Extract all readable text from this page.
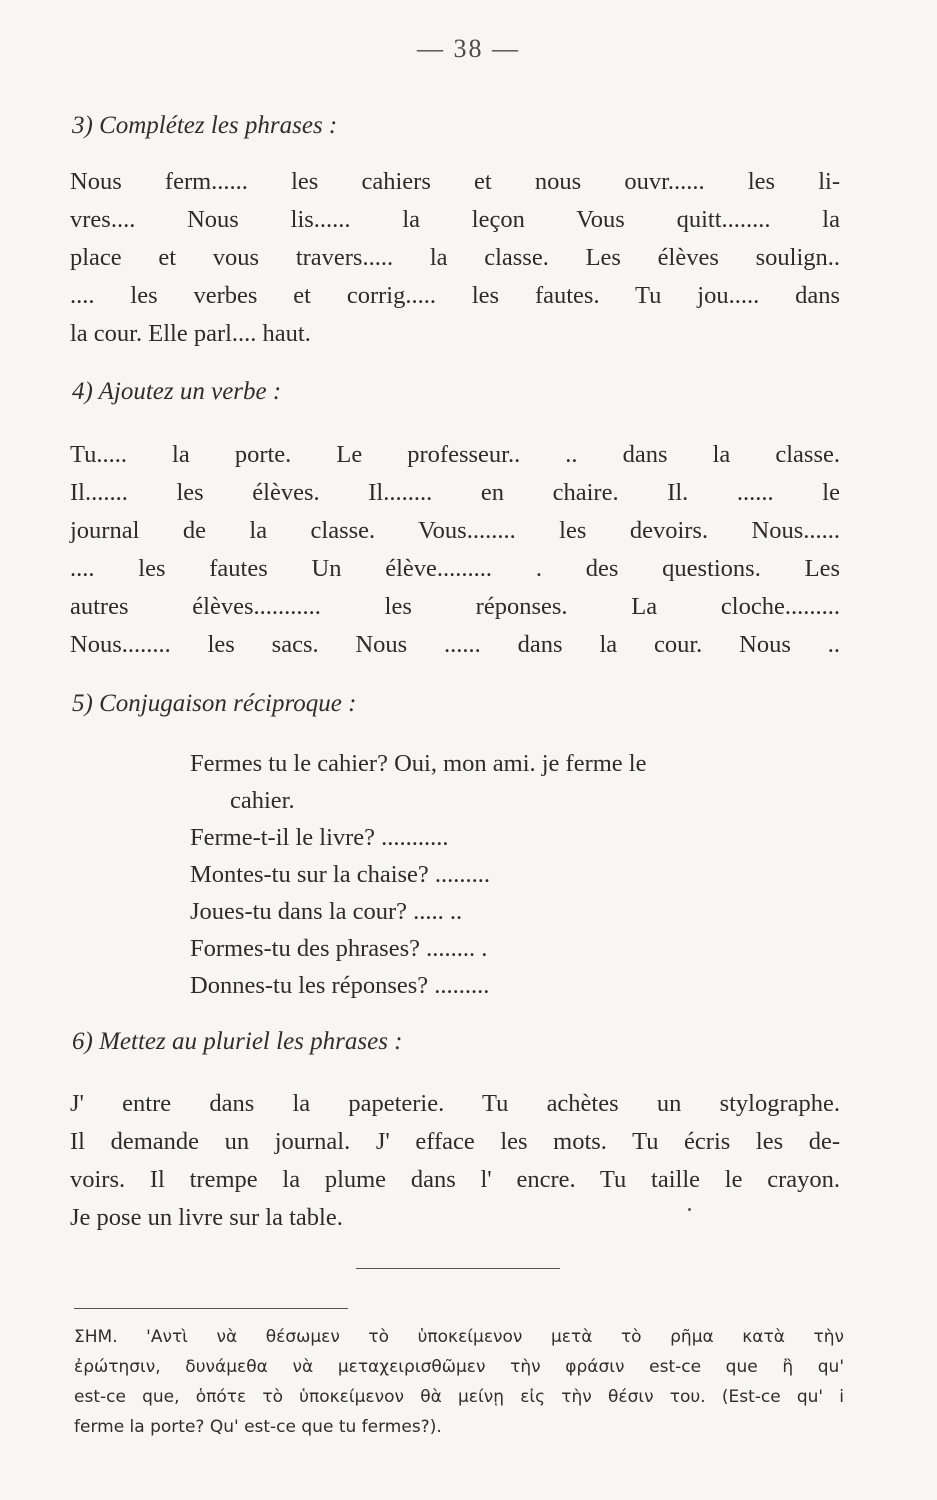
— 38 —
3) Complétez les phrases :
Nous ferm...... les cahiers et nous ouvr...... les li-
vres.... Nous lis...... la leçon Vous quitt........ la
place et vous travers..... la classe. Les élèves soulign..
.... les verbes et corrig..... les fautes. Tu jou..... dans
la cour. Elle parl.... haut.
4) Ajoutez un verbe :
Tu..... la porte. Le professeur.. .. dans la classe.
Il....... les élèves. Il........ en chaire. Il. ...... le
journal de la classe. Vous........ les devoirs. Nous......
.... les fautes Un élève......... . des questions. Les
autres élèves........... les réponses. La cloche.........
Nous........ les sacs. Nous ...... dans la cour. Nous ..
5) Conjugaison réciproque :
Fermes tu le cahier? Oui, mon ami. je ferme le
cahier.
Ferme-t-il le livre? ...........
Montes-tu sur la chaise? .........
Joues-tu dans la cour? ..... ..
Formes-tu des phrases? ........ .
Donnes-tu les réponses? .........
6) Mettez au pluriel les phrases :
J' entre dans la papeterie. Tu achètes un stylographe.
Il demande un journal. J' efface les mots. Tu écris les de-
voirs. Il trempe la plume dans l' encre. Tu taille le crayon.
Je pose un livre sur la table.
ΣΗΜ. 'Αντὶ νὰ θέσωμεν τὸ ὑποκείμενον μετὰ τὸ ρῆμα κατὰ τὴν
ἐρώτησιν, δυνάμεθα νὰ μεταχειρισθῶμεν τὴν φράσιν est-ce que ἢ qu'
est-ce que, ὁπότε τὸ ὑποκείμενον θὰ μείνῃ εἰς τὴν θέσιν του. (Est-ce qu' i
ferme la porte? Qu' est-ce que tu fermes?).
